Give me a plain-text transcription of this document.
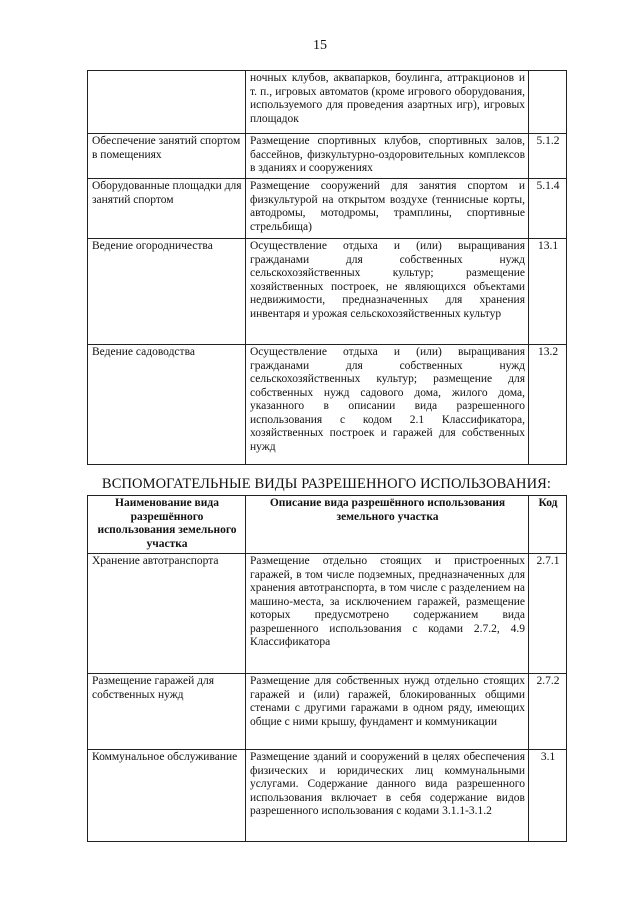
15
	ночных клубов, аквапарков, боулинга, аттракционов и т. п., игровых автоматов (кроме игрового оборудования, используемого для проведения азартных игр), игровых площадок	
Обеспечение занятий спортом в помещениях	Размещение спортивных клубов, спортивных залов, бассейнов, физкультурно-оздоровительных комплексов в зданиях и сооружениях	5.1.2
Оборудованные площадки для занятий спортом	Размещение сооружений для занятия спортом и физкультурой на открытом воздухе (теннисные корты, автодромы, мотодромы, трамплины, спортивные стрельбища)	5.1.4
Ведение огородничества	Осуществление отдыха и (или) выращивания гражданами для собственных нужд сельскохозяйственных культур; размещение хозяйственных построек, не являющихся объектами недвижимости, предназначенных для хранения инвентаря и урожая сельскохозяйственных культур	13.1
Ведение садоводства	Осуществление отдыха и (или) выращивания гражданами для собственных нужд сельскохозяйственных культур; размещение для собственных нужд садового дома, жилого дома, указанного в описании вида разрешенного использования с кодом 2.1 Классификатора, хозяйственных построек и гаражей для собственных нужд	13.2
ВСПОМОГАТЕЛЬНЫЕ ВИДЫ РАЗРЕШЕННОГО ИСПОЛЬЗОВАНИЯ:
Наименование вида разрешённого использования земельного участка	Описание вида разрешённого использования земельного участка	Код
Хранение автотранспорта	Размещение отдельно стоящих и пристроенных гаражей, в том числе подземных, предназначенных для хранения автотранспорта, в том числе с разделением на машино-места, за исключением гаражей, размещение которых предусмотрено содержанием вида разрешенного использования с кодами 2.7.2, 4.9 Классификатора	2.7.1
Размещение гаражей для собственных нужд	Размещение для собственных нужд отдельно стоящих гаражей и (или) гаражей, блокированных общими стенами с другими гаражами в одном ряду, имеющих общие с ними крышу, фундамент и коммуникации	2.7.2
Коммунальное обслуживание	Размещение зданий и сооружений в целях обеспечения физических и юридических лиц коммунальными услугами. Содержание данного вида разрешенного использования включает в себя содержание видов разрешенного использования с кодами 3.1.1-3.1.2	3.1
